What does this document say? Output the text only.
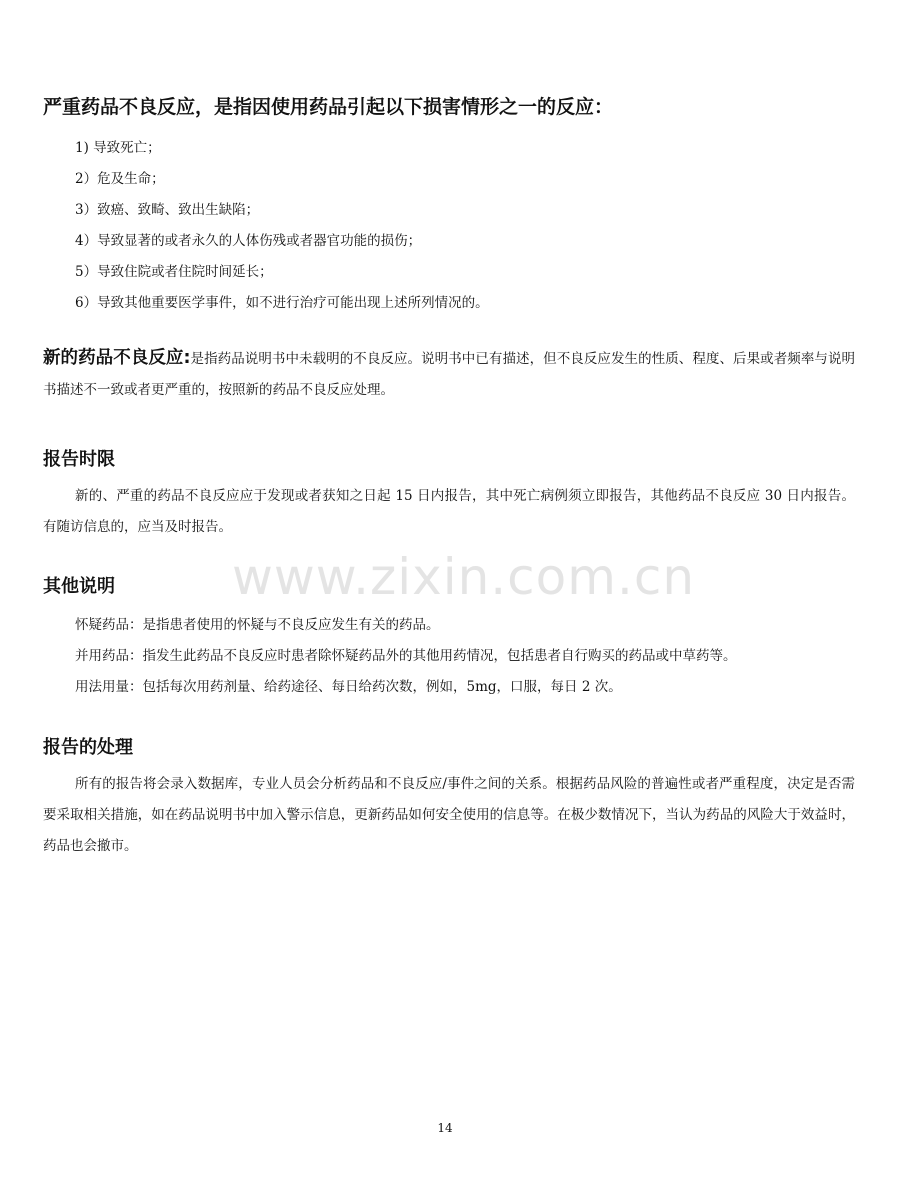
严重药品不良反应，是指因使用药品引起以下损害情形之一的反应：
1) 导致死亡；
2）危及生命；
3）致癌、致畸、致出生缺陷；
4）导致显著的或者永久的人体伤残或者器官功能的损伤；
5）导致住院或者住院时间延长；
6）导致其他重要医学事件，如不进行治疗可能出现上述所列情况的。
新的药品不良反应:是指药品说明书中未载明的不良反应。说明书中已有描述，但不良反应发生的性质、程度、后果或者频率与说明书描述不一致或者更严重的，按照新的药品不良反应处理。
报告时限
新的、严重的药品不良反应应于发现或者获知之日起 15 日内报告，其中死亡病例须立即报告，其他药品不良反应 30 日内报告。有随访信息的，应当及时报告。
其他说明
怀疑药品：是指患者使用的怀疑与不良反应发生有关的药品。
并用药品：指发生此药品不良反应时患者除怀疑药品外的其他用药情况，包括患者自行购买的药品或中草药等。
用法用量：包括每次用药剂量、给药途径、每日给药次数，例如，5mg，口服，每日 2 次。
报告的处理
所有的报告将会录入数据库，专业人员会分析药品和不良反应/事件之间的关系。根据药品风险的普遍性或者严重程度，决定是否需要采取相关措施，如在药品说明书中加入警示信息，更新药品如何安全使用的信息等。在极少数情况下，当认为药品的风险大于效益时，药品也会撤市。
www.zixin.com.cn
14
